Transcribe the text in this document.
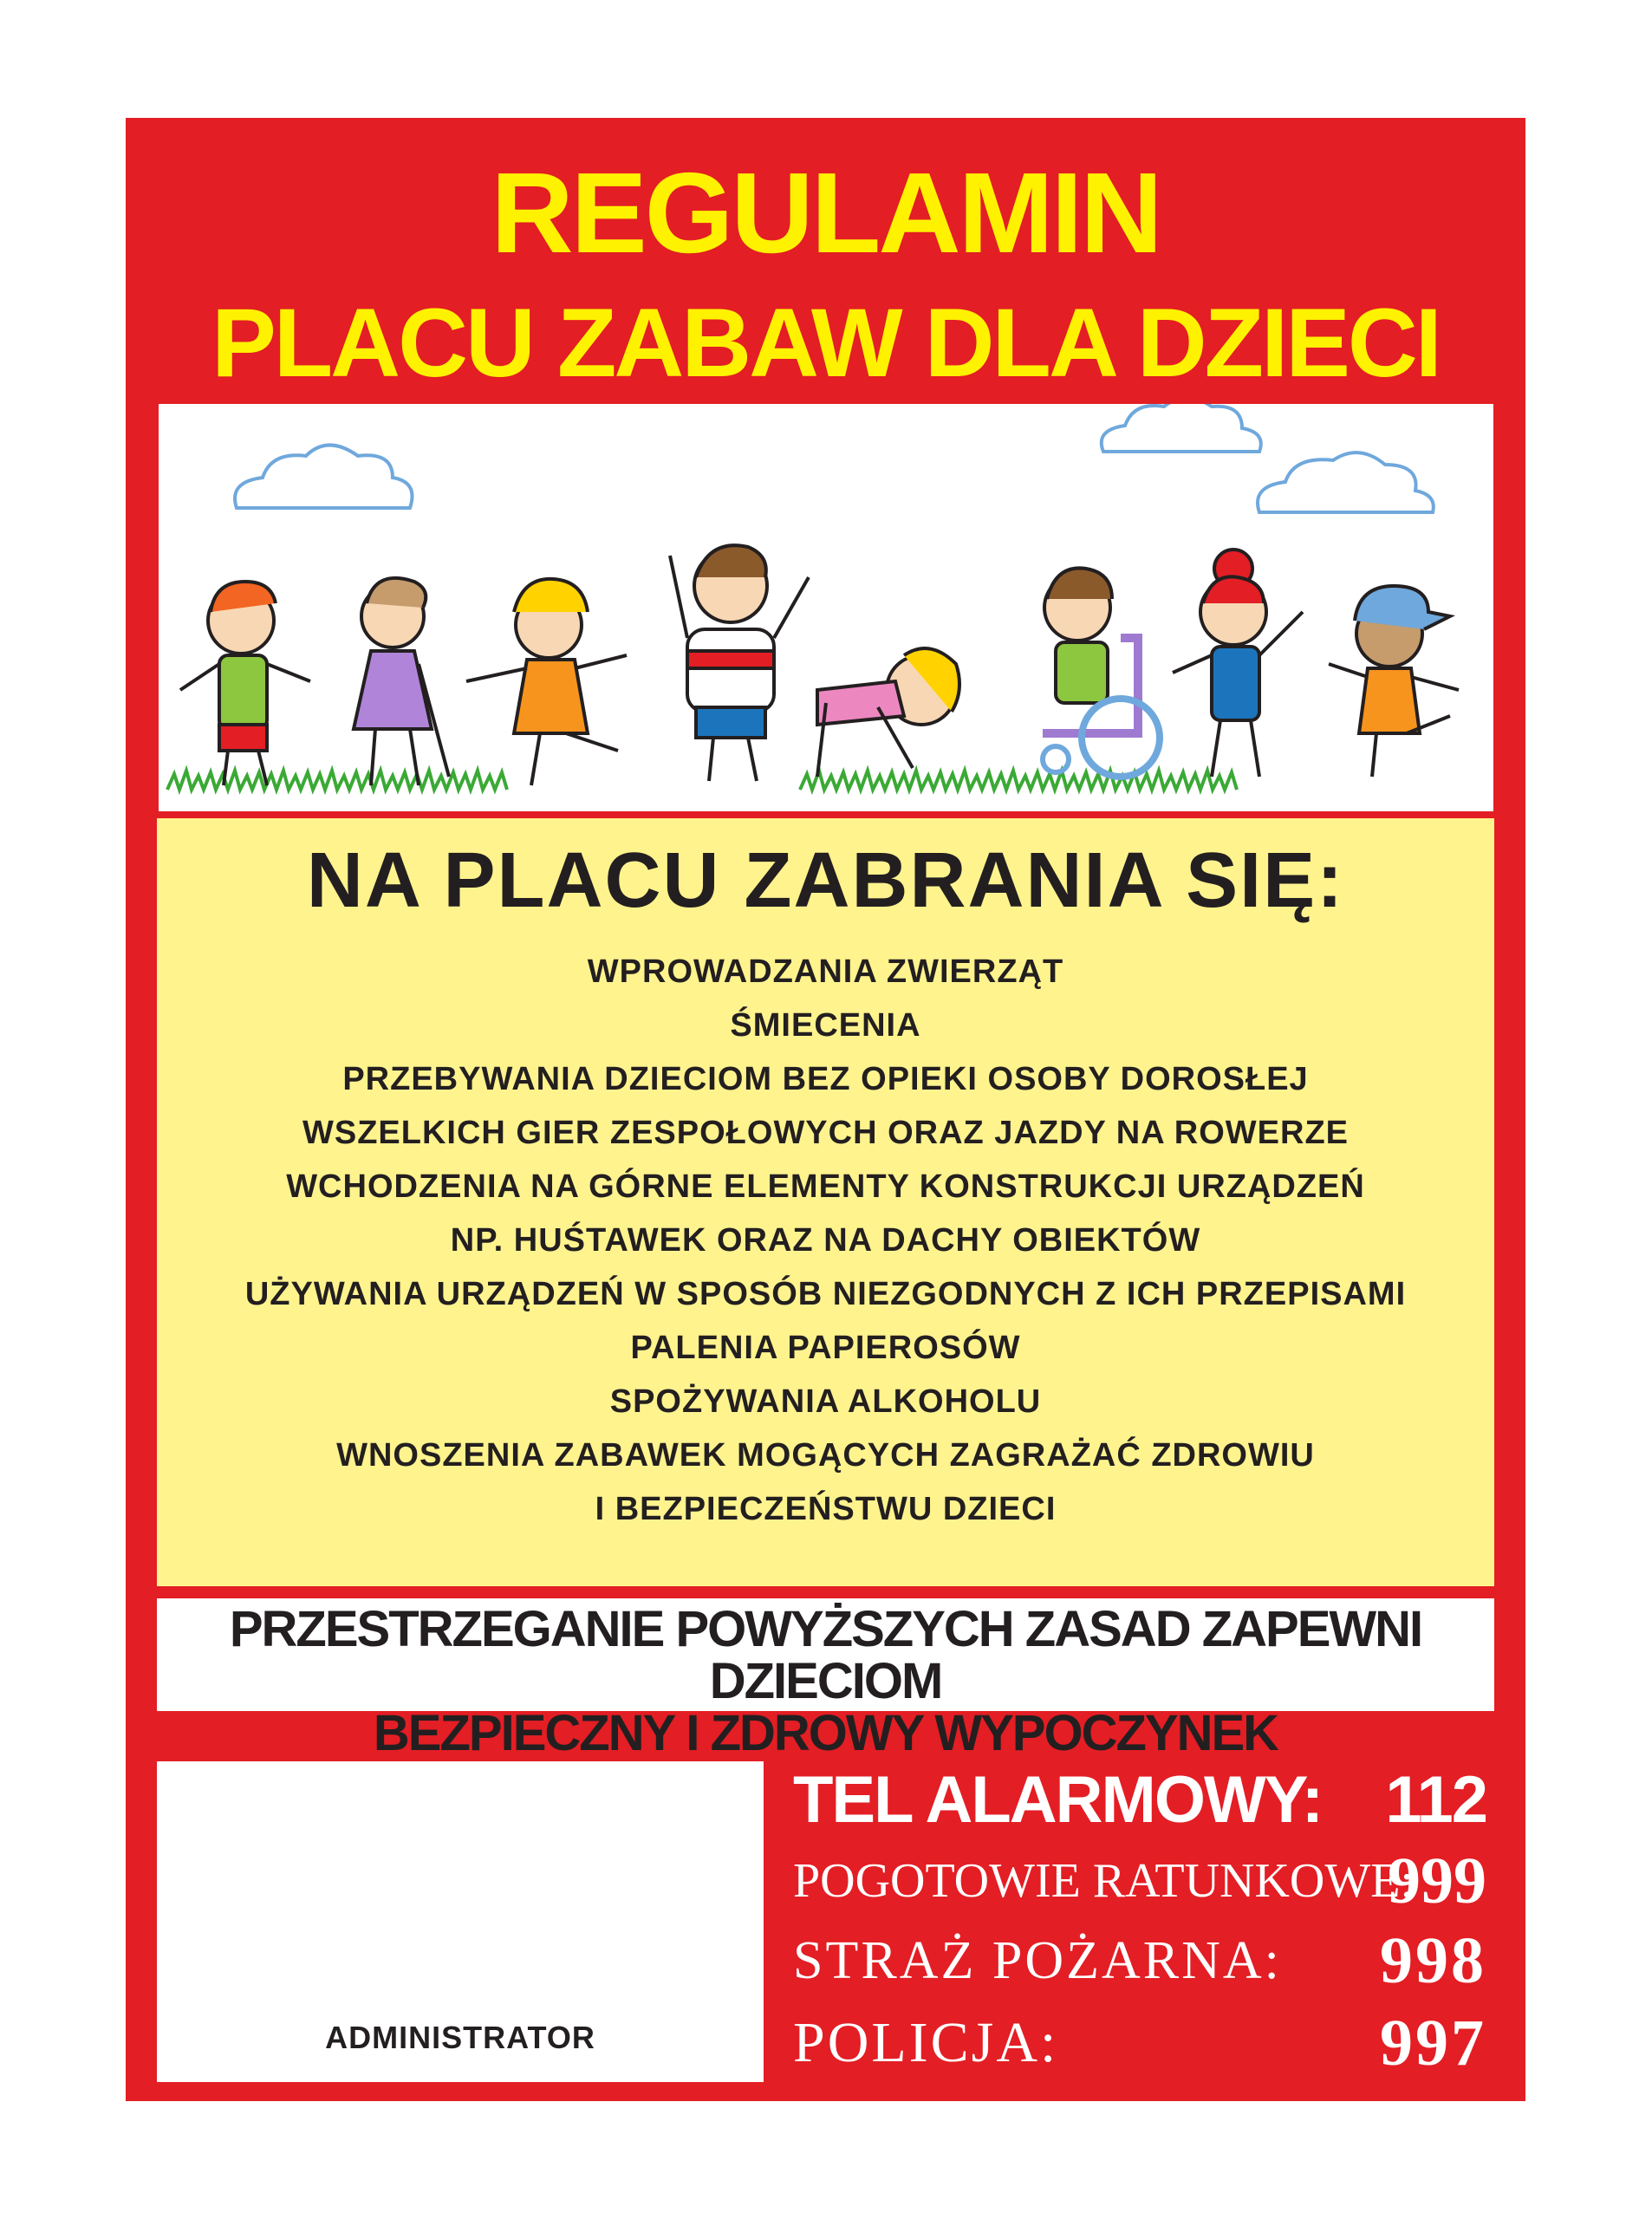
REGULAMIN
PLACU ZABAW DLA DZIECI
NA PLACU ZABRANIA SIĘ:
WPROWADZANIA ZWIERZĄT
ŚMIECENIA
PRZEBYWANIA DZIECIOM BEZ OPIEKI OSOBY DOROSŁEJ
WSZELKICH GIER ZESPOŁOWYCH ORAZ JAZDY NA ROWERZE
WCHODZENIA NA GÓRNE ELEMENTY KONSTRUKCJI URZĄDZEŃ
NP. HUŚTAWEK ORAZ NA DACHY OBIEKTÓW
UŻYWANIA URZĄDZEŃ W SPOSÓB NIEZGODNYCH Z ICH PRZEPISAMI
PALENIA PAPIEROSÓW
SPOŻYWANIA ALKOHOLU
WNOSZENIA ZABAWEK MOGĄCYCH ZAGRAŻAĆ ZDROWIU
I BEZPIECZEŃSTWU DZIECI
PRZESTRZEGANIE POWYŻSZYCH ZASAD ZAPEWNI DZIECIOM
BEZPIECZNY I ZDROWY WYPOCZYNEK
ADMINISTRATOR
TEL ALARMOWY: 112
POGOTOWIE RATUNKOWE:
999
STRAŻ POŻARNA: 998
POLICJA:	997
